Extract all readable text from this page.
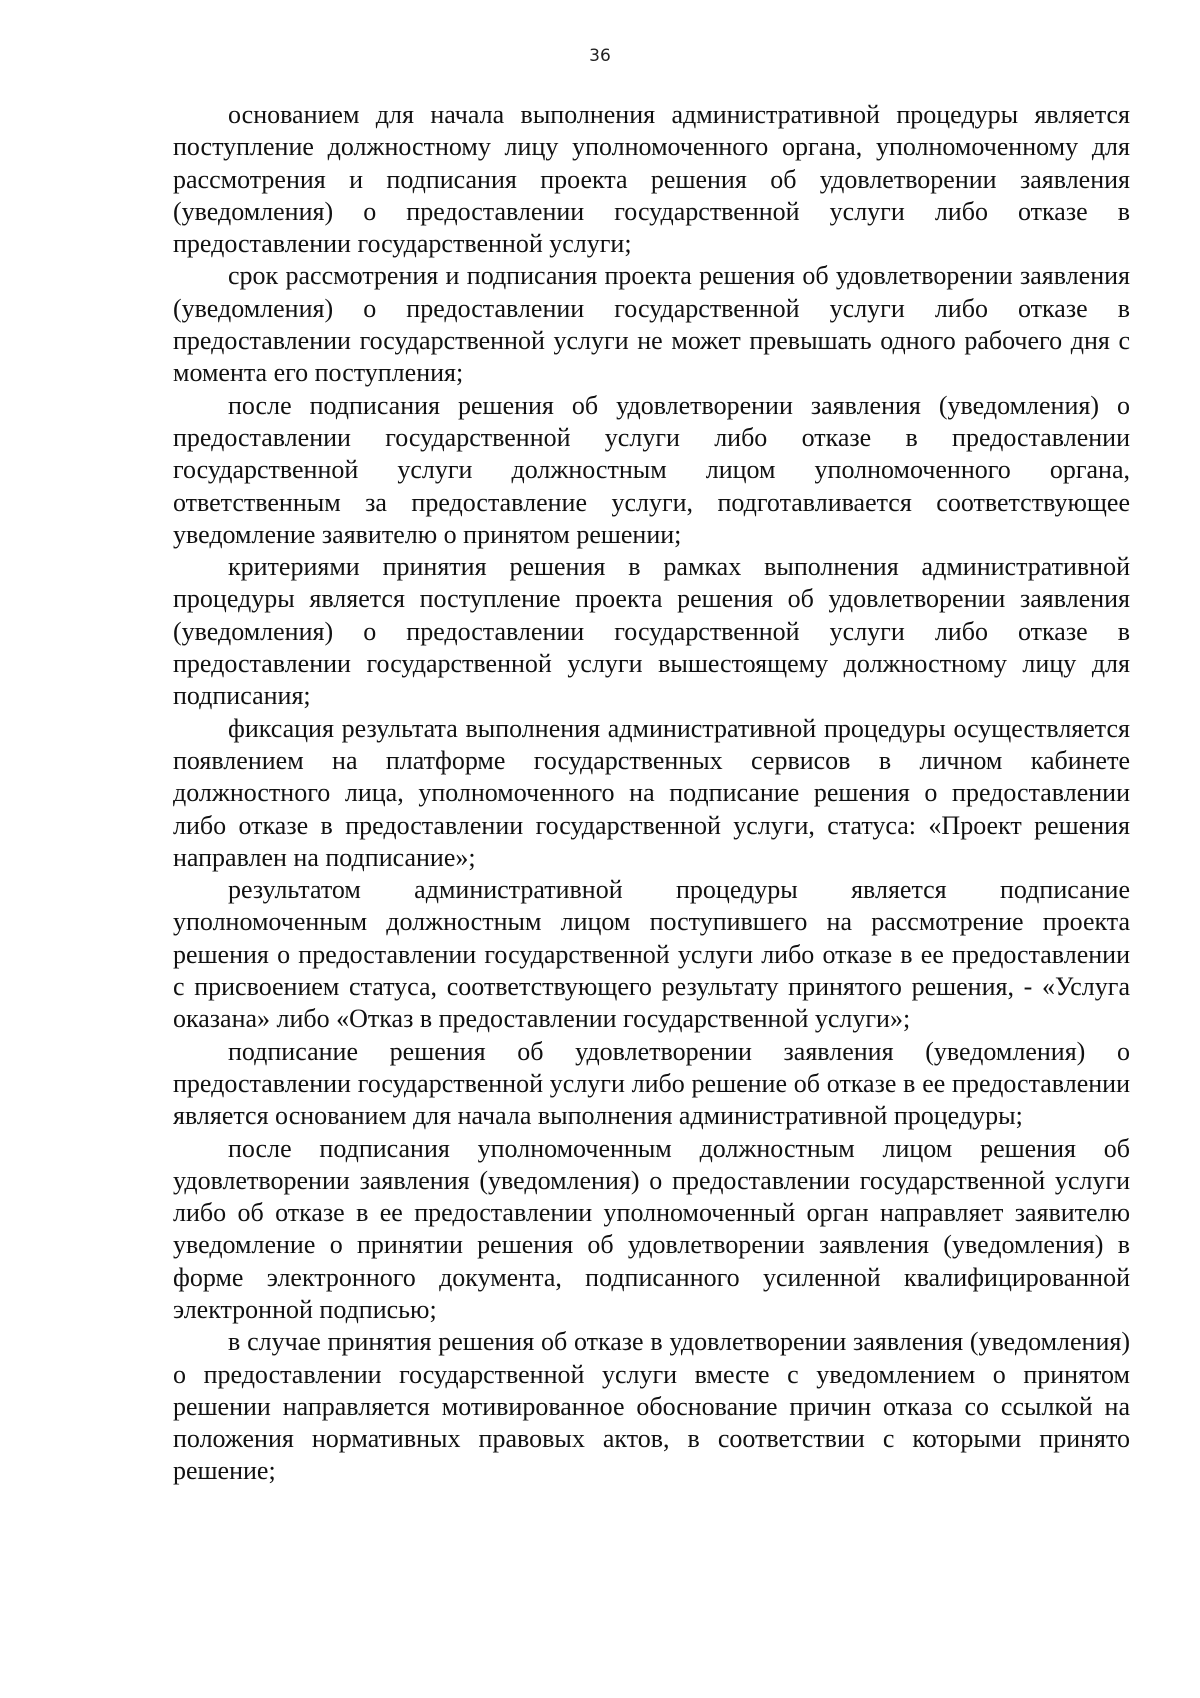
36

основанием для начала выполнения административной процедуры является поступление должностному лицу уполномоченного органа, уполномоченному для рассмотрения и подписания проекта решения об удовлетворении заявления (уведомления) о предоставлении государственной услуги либо отказе в предоставлении государственной услуги;

срок рассмотрения и подписания проекта решения об удовлетворении заявления (уведомления) о предоставлении государственной услуги либо отказе в предоставлении государственной услуги не может превышать одного рабочего дня с момента его поступления;

после подписания решения об удовлетворении заявления (уведомления) о предоставлении государственной услуги либо отказе в предоставлении государственной услуги должностным лицом уполномоченного органа, ответственным за предоставление услуги, подготавливается соответствующее уведомление заявителю о принятом решении;

критериями принятия решения в рамках выполнения административной процедуры является поступление проекта решения об удовлетворении заявления (уведомления) о предоставлении государственной услуги либо отказе в предоставлении государственной услуги вышестоящему должностному лицу для подписания;

фиксация результата выполнения административной процедуры осуществляется появлением на платформе государственных сервисов в личном кабинете должностного лица, уполномоченного на подписание решения о предоставлении либо отказе в предоставлении государственной услуги, статуса: «Проект решения направлен на подписание»;

результатом административной процедуры является подписание уполномоченным должностным лицом поступившего на рассмотрение проекта решения о предоставлении государственной услуги либо отказе в ее предоставлении с присвоением статуса, соответствующего результату принятого решения, - «Услуга оказана» либо «Отказ в предоставлении государственной услуги»;

подписание решения об удовлетворении заявления (уведомления) о предоставлении государственной услуги либо решение об отказе в ее предоставлении является основанием для начала выполнения административной процедуры;

после подписания уполномоченным должностным лицом решения об удовлетворении заявления (уведомления) о предоставлении государственной услуги либо об отказе в ее предоставлении уполномоченный орган направляет заявителю уведомление о принятии решения об удовлетворении заявления (уведомления) в форме электронного документа, подписанного усиленной квалифицированной электронной подписью;

в случае принятия решения об отказе в удовлетворении заявления (уведомления) о предоставлении государственной услуги вместе с уведомлением о принятом решении направляется мотивированное обоснование причин отказа со ссылкой на положения нормативных правовых актов, в соответствии с которыми принято решение;
